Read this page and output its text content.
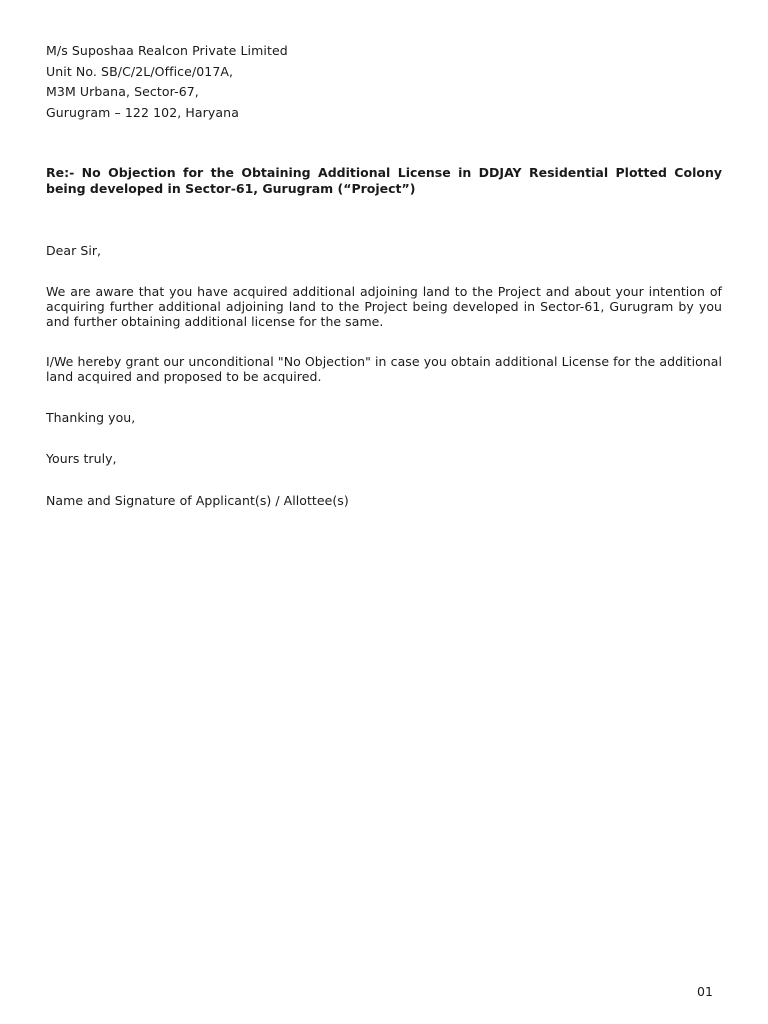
M/s Suposhaa Realcon Private Limited
Unit No. SB/C/2L/Office/017A,
M3M Urbana, Sector-67,
Gurugram – 122 102, Haryana
Re:- No Objection for the Obtaining Additional License in DDJAY Residential Plotted Colony being developed in Sector-61, Gurugram (“Project”)
Dear Sir,
We are aware that you have acquired additional adjoining land to the Project and about your intention of acquiring further additional adjoining land to the Project being developed in Sector-61, Gurugram by you and further obtaining additional license for the same.
I/We hereby grant our unconditional "No Objection" in case you obtain additional License for the additional land acquired and proposed to be acquired.
Thanking you,
Yours truly,
Name and Signature of Applicant(s) / Allottee(s)
01
